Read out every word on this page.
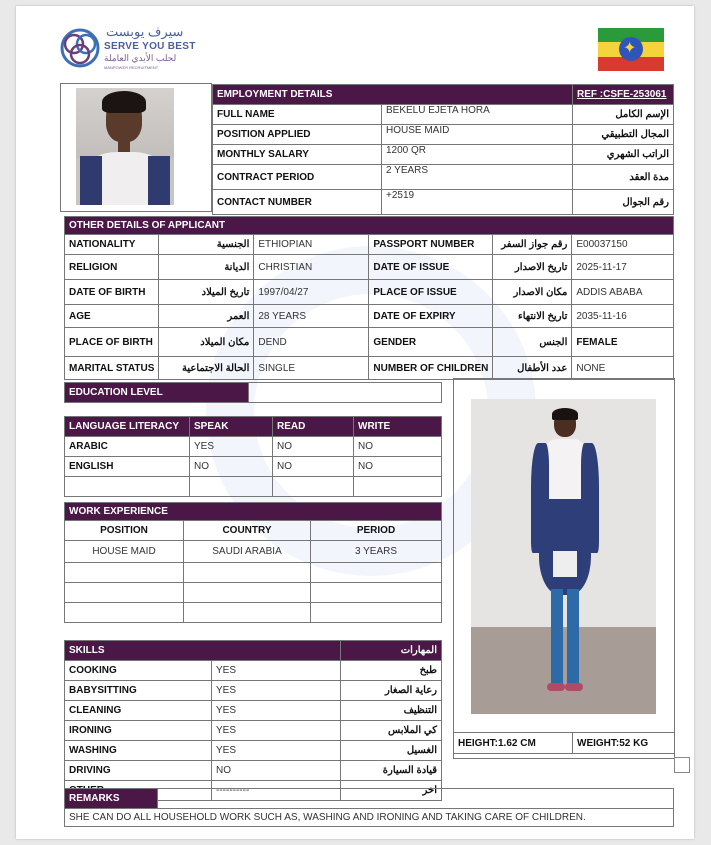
سيرف يوبست
SERVE YOU BEST
لجلب الأيدي العاملة
MANPOWER RECRUITMENT
✦
EMPLOYMENT DETAILS		REF :CSFE-253061
FULL NAME	BEKELU EJETA HORA	الإسم الكامل
POSITION APPLIED	HOUSE MAID	المجال التطبيقي
MONTHLY SALARY	1200 QR	الراتب الشهري
CONTRACT PERIOD	2 YEARS	مدة العقد
CONTACT NUMBER	+2519	رقم الجوال
OTHER DETAILS OF APPLICANT					
NATIONALITY	الجنسية	ETHIOPIAN	PASSPORT NUMBER	رقم جواز السفر	E00037150
RELIGION	الديانة	CHRISTIAN	DATE OF ISSUE	تاريخ الاصدار	2025-11-17
DATE OF BIRTH	تاريخ الميلاد	1997/04/27	PLACE OF ISSUE	مكان الاصدار	ADDIS ABABA
AGE	العمر	28 YEARS	DATE OF EXPIRY	تاريخ الانتهاء	2035-11-16
PLACE OF BIRTH	مكان الميلاد	DEND	GENDER	الجنس	FEMALE
MARITAL STATUS	الحالة الاجتماعية	SINGLE	NUMBER OF CHILDREN	عدد الأطفال	NONE
EDUCATION LEVEL	
LANGUAGE LITERACY	SPEAK	READ	WRITE
ARABIC	YES	NO	NO
ENGLISH	NO	NO	NO

WORK EXPERIENCE		
POSITION	COUNTRY	PERIOD
HOUSE MAID	SAUDI ARABIA	3 YEARS

SKILLS		المهارات
COOKING	YES	طبخ
BABYSITTING	YES	رعاية الصغار
CLEANING	YES	التنظيف
IRONING	YES	كي الملابس
WASHING	YES	الغسيل
DRIVING	NO	قيادة السيارة
	----------	اخر
HEIGHT:1.62 CM	WEIGHT:52 KG
REMARKS	
SHE CAN DO ALL HOUSEHOLD WORK SUCH AS, WASHING AND IRONING AND TAKING CARE OF CHILDREN.
